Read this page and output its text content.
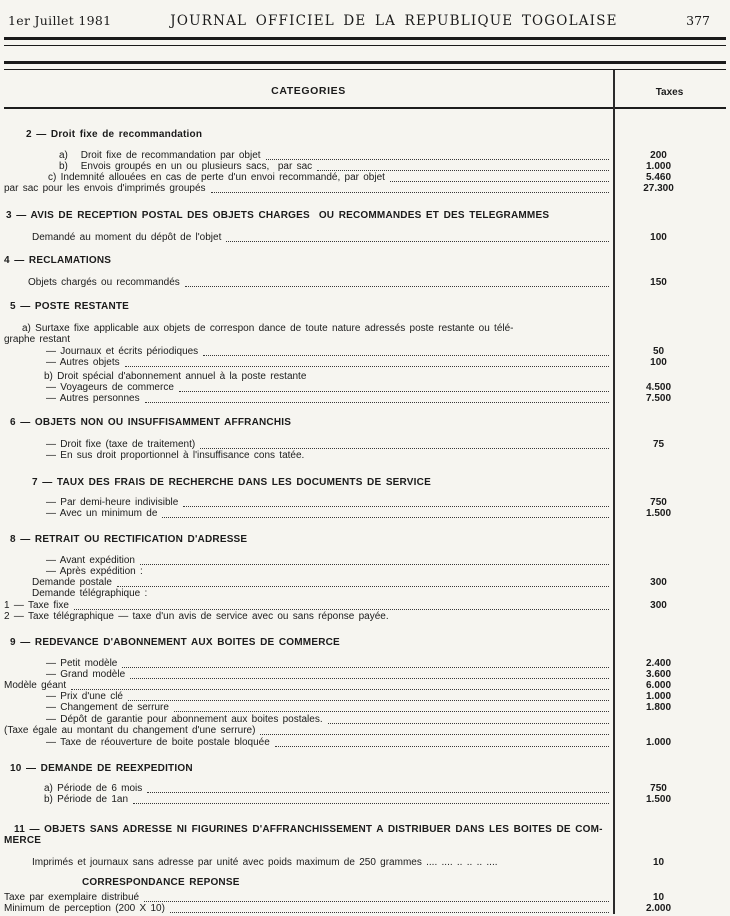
1er Juillet 1981	JOURNAL OFFICIEL DE LA REPUBLIQUE TOGOLAISE	377
CATEGORIES	Taxes
2 — Droit fixe de recommandation
a)   Droit fixe de recommandation par objet	200
b)   Envois groupés en un ou plusieurs sacs,  par sac	1.000
c) Indemnité allouées en cas de perte d'un envoi recommandé, par objet	5.460
par sac pour les envois d'imprimés groupés	27.300
3 — AVIS DE RECEPTION POSTAL DES OBJETS CHARGES  OU RECOMMANDES ET DES TELEGRAMMES
Demandé au moment du dépôt de l'objet	100
4 — RECLAMATIONS
Objets chargés ou recommandés	150
5 — POSTE RESTANTE
a) Surtaxe fixe applicable aux objets de correspon dance de toute nature adressés poste restante ou télé-
graphe restant
— Journaux et écrits périodiques	50
— Autres objets	100
b) Droit spécial d'abonnement annuel à la poste restante
— Voyageurs de commerce	4.500
— Autres personnes	7.500
6 — OBJETS NON OU INSUFFISAMMENT AFFRANCHIS
— Droit fixe (taxe de traitement)	75
— En sus droit proportionnel à l'insuffisance cons tatée.
7 — TAUX DES FRAIS DE RECHERCHE DANS LES DOCUMENTS DE SERVICE
— Par demi-heure indivisible	750
— Avec un minimum de	1.500
8 — RETRAIT OU RECTIFICATION D'ADRESSE
— Avant expédition
— Après expédition :
Demande postale	300
Demande télégraphique :
1 — Taxe fixe	300
2 — Taxe télégraphique — taxe d'un avis de service avec ou sans réponse payée.
9 — REDEVANCE D'ABONNEMENT AUX BOITES DE COMMERCE
— Petit modèle	2.400
— Grand modèle	3.600
Modèle géant	6.000
— Prix d'une clé	1.000
— Changement de serrure	1.800
— Dépôt de garantie pour abonnement aux boites postales.
(Taxe égale au montant du changement d'une serrure)
— Taxe de réouverture de boite postale bloquée	1.000
10 — DEMANDE DE REEXPEDITION
a) Période de 6 mois	750
b) Période de 1an	1.500
11 — OBJETS SANS ADRESSE NI FIGURINES D'AFFRANCHISSEMENT A DISTRIBUER DANS LES BOITES DE COM-
MERCE
Imprimés et journaux sans adresse par unité avec poids maximum de 250 grammes .... .... .. .. .. ....	10
CORRESPONDANCE REPONSE
Taxe par exemplaire distribué	10
Minimum de perception (200 X 10)	2.000
